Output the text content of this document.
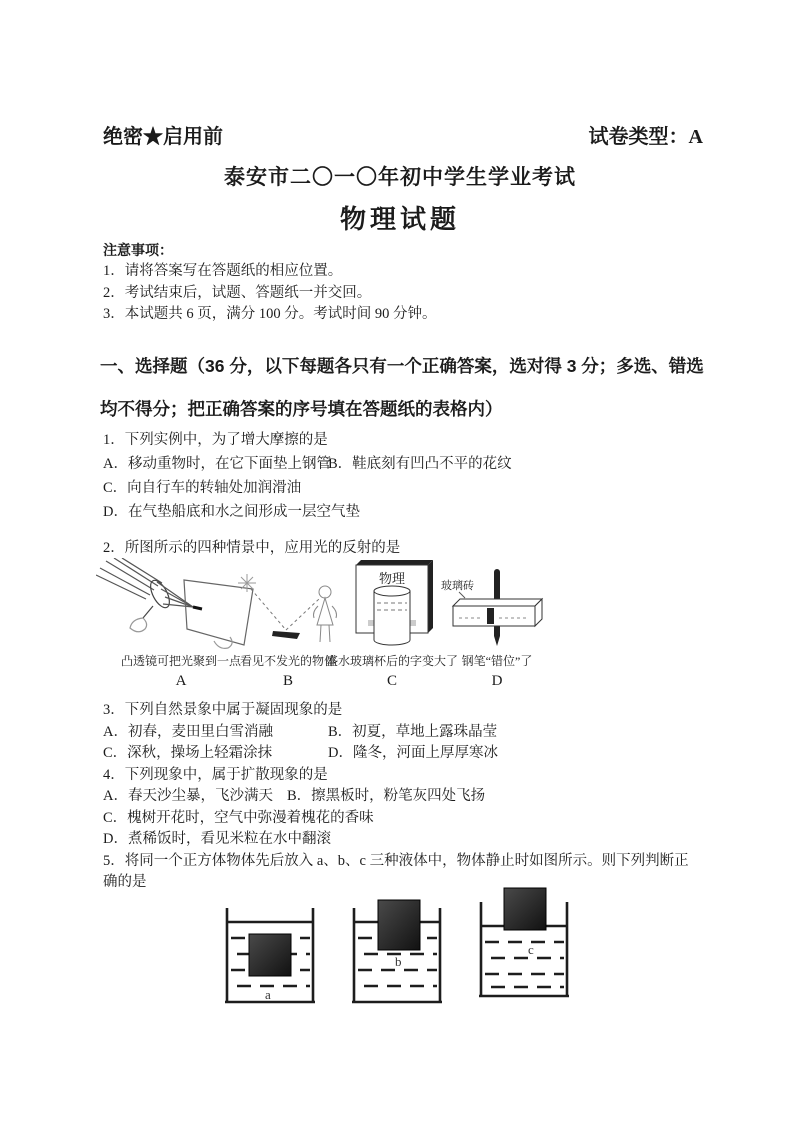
绝密★启用前	试卷类型：A
泰安市二〇一〇年初中学生学业考试
物理试题
注意事项：
1．请将答案写在答题纸的相应位置。
2．考试结束后，试题、答题纸一并交回。
3．本试题共 6 页，满分 100 分。考试时间 90 分钟。
一、选择题（36 分，以下每题各只有一个正确答案，选对得 3 分；多选、错选均不得分；把正确答案的序号填在答题纸的表格内）
1．下列实例中，为了增大摩擦的是
A．移动重物时，在它下面垫上钢管
B．鞋底刻有凹凸不平的花纹
C．向自行车的转轴处加润滑油
D．在气垫船底和水之间形成一层空气垫
2．所图所示的四种情景中，应用光的反射的是
凸透镜可把光聚到一点
A
看见不发光的物体
B
物理
盛水玻璃杯后的字变大了
C
玻璃砖
钢笔“错位”了
D
3．下列自然景象中属于凝固现象的是
A．初春，麦田里白雪消融	B．初夏，草地上露珠晶莹
C．深秋，操场上轻霜涂抹	D．隆冬，河面上厚厚寒冰
4．下列现象中，属于扩散现象的是
A．春天沙尘暴，飞沙满天 B．擦黑板时，粉笔灰四处飞扬
C．槐树开花时，空气中弥漫着槐花的香味
D．煮稀饭时，看见米粒在水中翻滚
5．将同一个正方体物体先后放入 a、b、c 三种液体中，物体静止时如图所示。则下列判断正确的是
a
b
c
